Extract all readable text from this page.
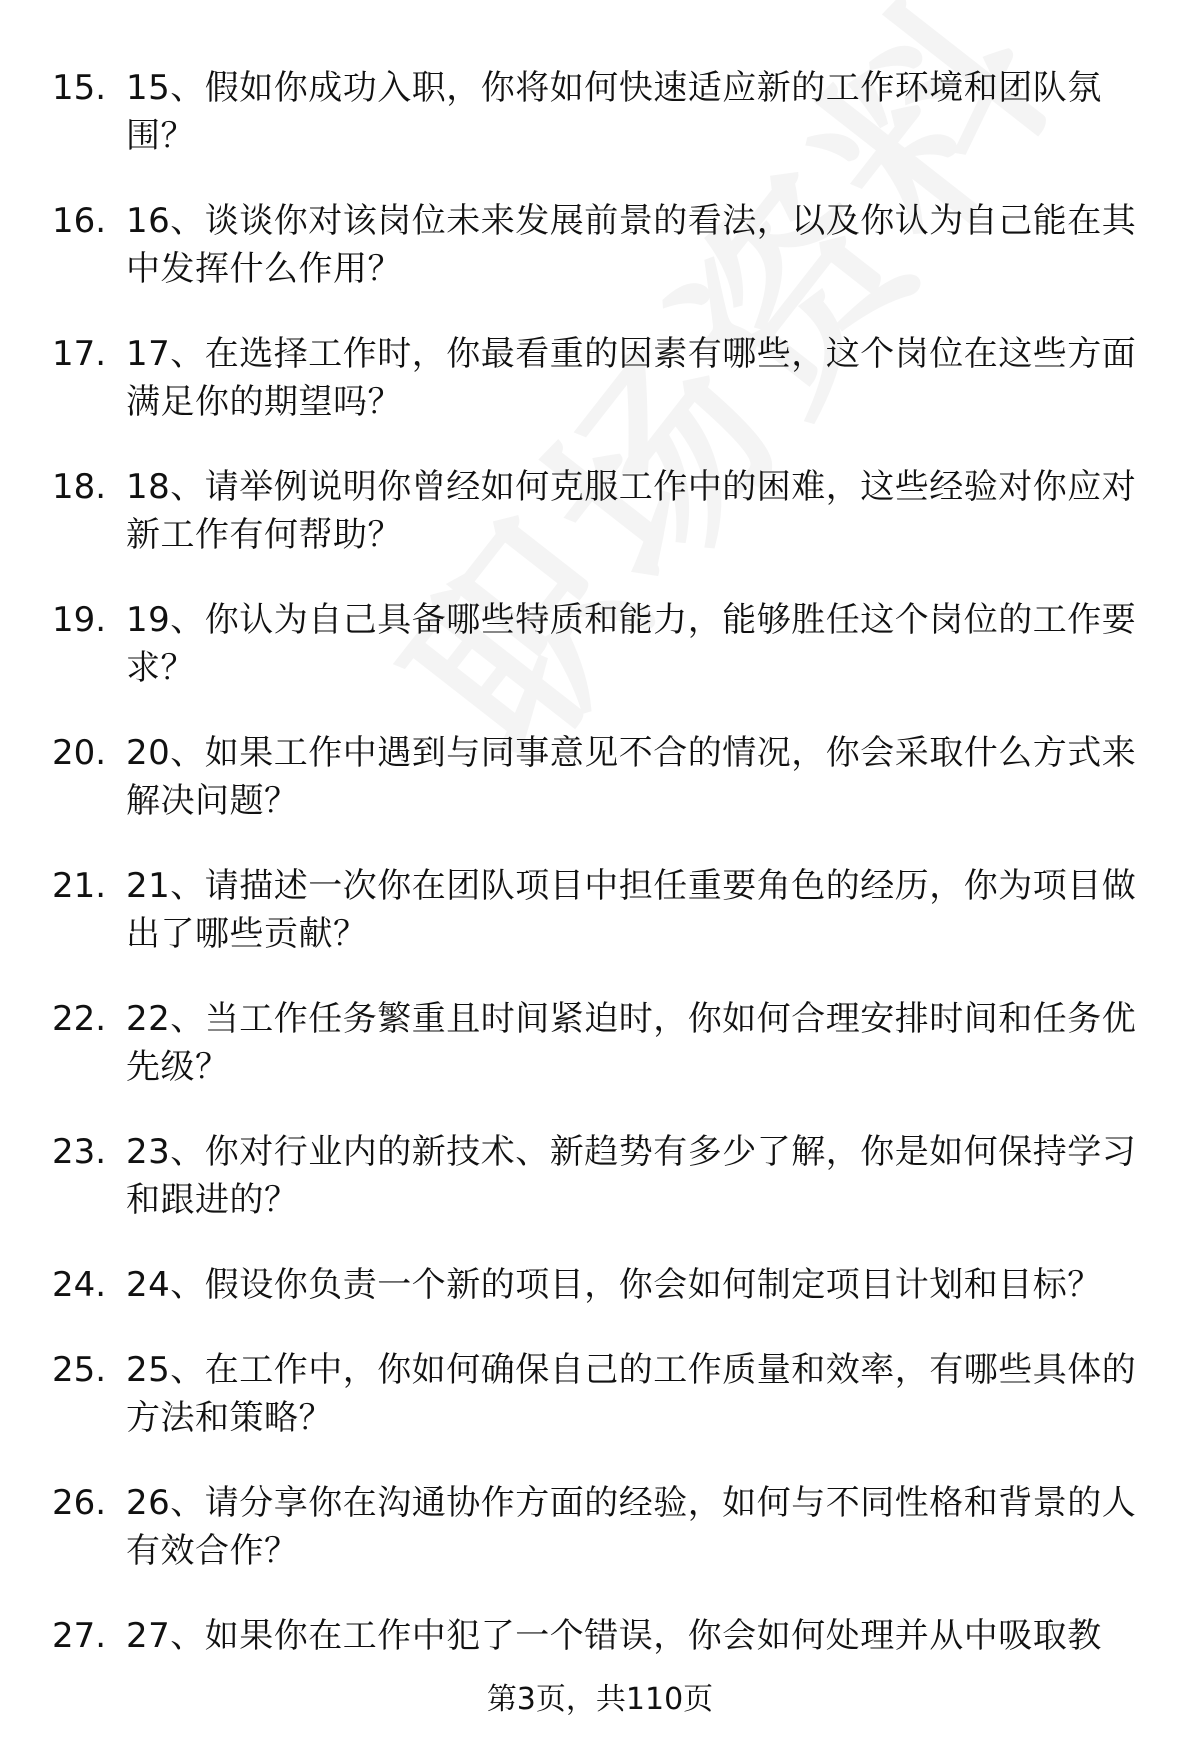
15. 15、假如你成功入职，你将如何快速适应新的工作环境和团队氛围？
16. 16、谈谈你对该岗位未来发展前景的看法，以及你认为自己能在其中发挥什么作用？
17. 17、在选择工作时，你最看重的因素有哪些，这个岗位在这些方面满足你的期望吗？
18. 18、请举例说明你曾经如何克服工作中的困难，这些经验对你应对新工作有何帮助？
19. 19、你认为自己具备哪些特质和能力，能够胜任这个岗位的工作要求？
20. 20、如果工作中遇到与同事意见不合的情况，你会采取什么方式来解决问题？
21. 21、请描述一次你在团队项目中担任重要角色的经历，你为项目做出了哪些贡献？
22. 22、当工作任务繁重且时间紧迫时，你如何合理安排时间和任务优先级？
23. 23、你对行业内的新技术、新趋势有多少了解，你是如何保持学习和跟进的？
24. 24、假设你负责一个新的项目，你会如何制定项目计划和目标？
25. 25、在工作中，你如何确保自己的工作质量和效率，有哪些具体的方法和策略？
26. 26、请分享你在沟通协作方面的经验，如何与不同性格和背景的人有效合作？
27. 27、如果你在工作中犯了一个错误，你会如何处理并从中吸取教
第3页，共110页
